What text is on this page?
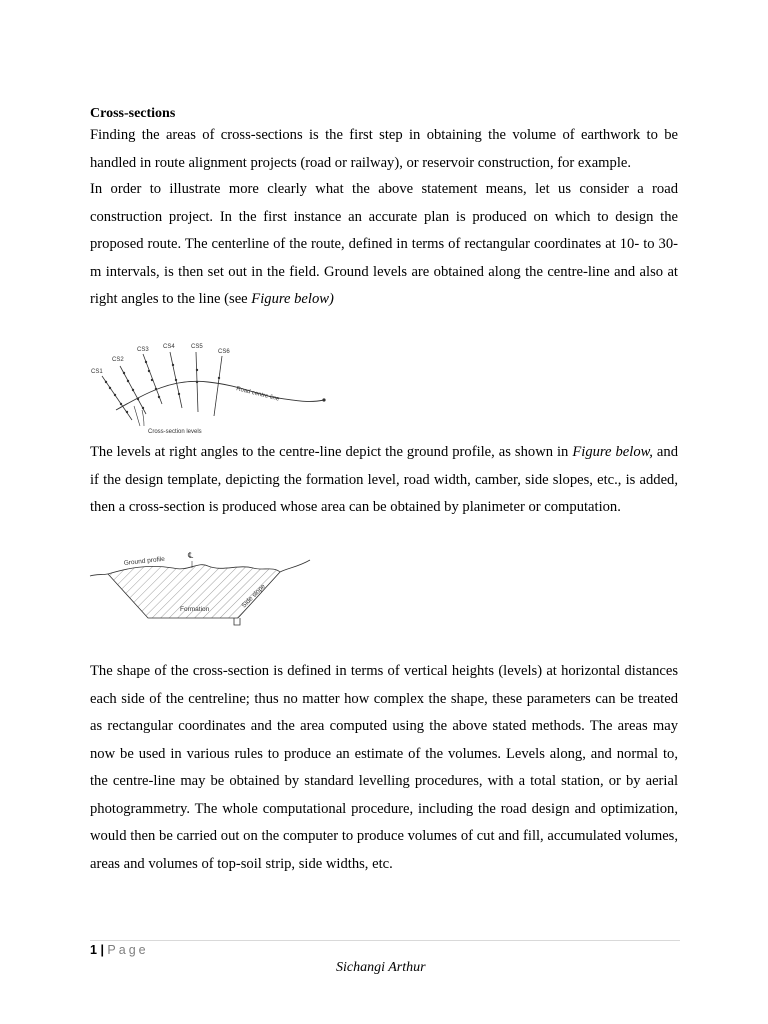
Cross-sections

Finding the areas of cross-sections is the first step in obtaining the volume of earthwork to be handled in route alignment projects (road or railway), or reservoir construction, for example.

In order to illustrate more clearly what the above statement means, let us consider a road construction project. In the first instance an accurate plan is produced on which to design the proposed route. The centerline of the route, defined in terms of rectangular coordinates at 10- to 30-m intervals, is then set out in the field. Ground levels are obtained along the centre-line and also at right angles to the line (see Figure below)

CS1
CS2
CS3 CS4	CS5
CS6
Road centre-line
Cross-section levels

The levels at right angles to the centre-line depict the ground profile, as shown in Figure below, and if the design template, depicting the formation level, road width, camber, side slopes, etc., is added, then a cross-section is produced whose area can be obtained by planimeter or computation.

Ground profile
℄
Formation
Side slope

The shape of the cross-section is defined in terms of vertical heights (levels) at horizontal distances each side of the centreline; thus no matter how complex the shape, these parameters can be treated as rectangular coordinates and the area computed using the above stated methods. The areas may now be used in various rules to produce an estimate of the volumes. Levels along, and normal to, the centre-line may be obtained by standard levelling procedures, with a total station, or by aerial photogrammetry. The whole computational procedure, including the road design and optimization, would then be carried out on the computer to produce volumes of cut and fill, accumulated volumes, areas and volumes of top-soil strip, side widths, etc.

1 | Page
Sichangi Arthur
